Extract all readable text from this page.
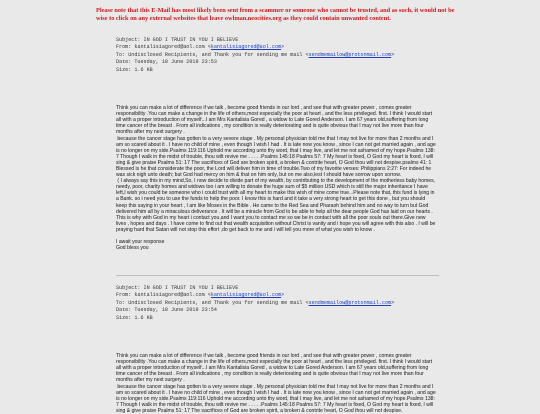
Please note that this E-Mail has most likely been sent from a scammer or someone who cannot be trusted, and as such, it would not be wise to click on any external websites that leave owlman.neocities.org as they could contain unwanted content.
Subject: IN GOD I TRUST IN YOU I BELIEVE
From: kantalisiagored@aol.com <kantalisiagored@aol.com>
To: Undisclosed Recipients, and Thank you for sending me mail <sendmemailow@protonmail.com>
Date: Tuesday, 18 June 2019 23:53
Size: 1.6 KB
Think you can make a lot of difference if we talk , become good friends in our lord , and see that with greater power , comes greater responsibility .You can make a change in the life of others,most especially the poor at heart , and the less privileged. first. I think I would start all with a proper introduction of myself...I am Mrs Kantalisia Gored , a widow to Late Gored Anderson. I am 67 years old,suffering from long time cancer of the breast . From all indications , my condition is really deteriorating and is quite obvious that I may not live more than four months after my next surgery .
because the cancer stage has gotten to a very severe stage . My personal physician told me that I may not live for more than 2 months and I am so scared about it . I have no child of mine , even though I wish I had . It is late now you know , since I can not get married again , and age is no longer on my side.Psalms 119:116 Uphold me according unto thy word, that I may live, and let me not ashamed of my hope.Psalms 138: 7 Though I walk in the midst of trouble, thou wilt revive me . . . . .Psalms 145:18 Psalms 57: 7 My heart is fixed, O God my heart is fixed, I will sing & give praise Psalms 51: 17 The sacrifices of God are broken spirit, a broken & contrite heart, O God thou will not despise.psalms 41: 1 Blessed is he that considerate the poor, the Lord will deliver him in time of trouble.Two of my favorite verses: Philippians 2:27: For indeed he was sick nigh unto death; but God had mercy on him & that on him only, but on me also,lest I should have sorrow upon sorrow.
( I always say this in my mind,So, I now decide to divide part of my wealth, by contributing to the development of the motherless baby homes, needy, poor, charity homes and widows too i am willing to donate the huge sum of $5 million USD which is still the major inheritance I have left,I wish you could be someone who i could trust with all my heart to make this wish of mine come true...Please note that, this fund is lying in a Bank. so i need you to use the funds to help the poor. I know this is hard and it take a very strong heart to get this done , but you should keep this saying in your heart , I am like Moses in the Bible . He came to the Red Sea and Pharaoh behind him and no way to turn but God delivered him all by a miraculous deliverance . It will be a miracle from God to be able to help all the dear people God has laid on our hearts . This is why with God in my heart i contact you,and I want you to contact me so we be in contact with all the poor souls out there.Give new lives , hopes and days . I have come to find out that wealth acquisition without Christ is vanity and i hope you will agree with this also . I will be praying hard that Satan will not stop this effort ,do get back to me and i will tell you more of what you wish to know .
I await your response
God bless you
Subject: IN GOD I TRUST IN YOU I BELIEVE
From: kantalisiagored@aol.com <kantalisiagored@aol.com>
To: Undisclosed Recipients, and Thank you for sending me mail <sendmemailow@protonmail.com>
Date: Tuesday, 18 June 2019 23:54
Size: 1.6 KB
Think you can make a lot of difference if we talk , become good friends in our lord , and see that with greater power , comes greater responsibility .You can make a change in the life of others,most especially the poor at heart , and the less privileged. first. I think I would start all with a proper introduction of myself...I am Mrs Kantalisia Gored , a widow to Late Gored Anderson. I am 67 years old,suffering from long time cancer of the breast . From all indications , my condition is really deteriorating and is quite obvious that I may not live more than four months after my next surgery .
because the cancer stage has gotten to a very severe stage . My personal physician told me that I may not live for more than 2 months and I am so scared about it . I have no child of mine , even though I wish I had . It is late now you know , since I can not get married again , and age is no longer on my side.Psalms 119:116 Uphold me according unto thy word, that I may live, and let me not ashamed of my hope.Psalms 138: 7 Though I walk in the midst of trouble, thou wilt revive me . . . . .Psalms 145:18 Psalms 57: 7 My heart is fixed, O God my heart is fixed, I will sing & give praise Psalms 51: 17 The sacrifices of God are broken spirit, a broken & contrite heart, O God thou will not despise.
